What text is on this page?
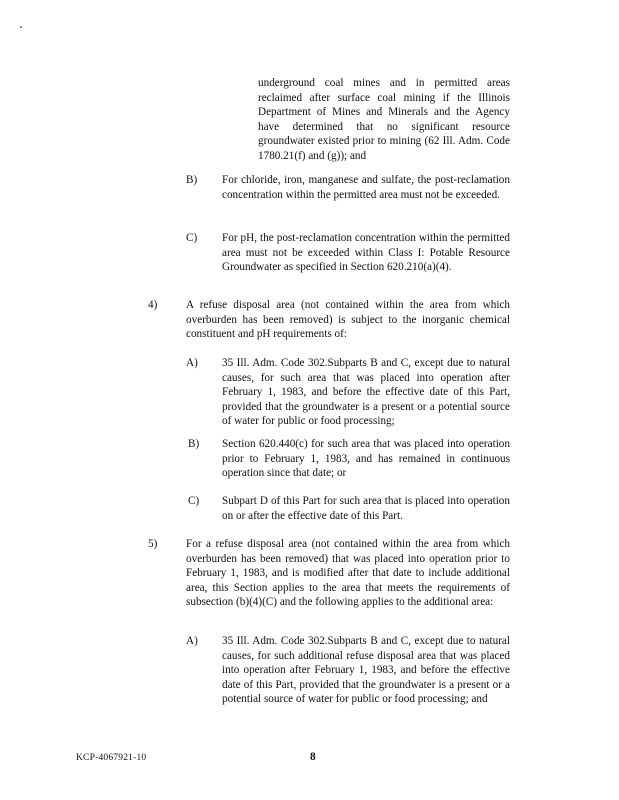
underground coal mines and in permitted areas reclaimed after surface coal mining if the Illinois Department of Mines and Minerals and the Agency have determined that no significant resource groundwater existed prior to mining (62 Ill. Adm. Code 1780.21(f) and (g)); and

B) For chloride, iron, manganese and sulfate, the post-reclamation concentration within the permitted area must not be exceeded.

C) For pH, the post-reclamation concentration within the permitted area must not be exceeded within Class I: Potable Resource Groundwater as specified in Section 620.210(a)(4).

4)	A refuse disposal area (not contained within the area from which overburden has been removed) is subject to the inorganic chemical constituent and pH requirements of:

A) 35 Ill. Adm. Code 302.Subparts B and C, except due to natural causes, for such area that was placed into operation after February 1, 1983, and before the effective date of this Part, provided that the groundwater is a present or a potential source of water for public or food processing;

B) Section 620.440(c) for such area that was placed into operation prior to February 1, 1983, and has remained in continuous operation since that date; or

C) Subpart D of this Part for such area that is placed into operation on or after the effective date of this Part.

5)	For a refuse disposal area (not contained within the area from which overburden has been removed) that was placed into operation prior to February 1, 1983, and is modified after that date to include additional area, this Section applies to the area that meets the requirements of subsection (b)(4)(C) and the following applies to the additional area:

A) 35 Ill. Adm. Code 302.Subparts B and C, except due to natural causes, for such additional refuse disposal area that was placed into operation after February 1, 1983, and before the effective date of this Part, provided that the groundwater is a present or a potential source of water for public or food processing; and

KCP-4067921-10	8
